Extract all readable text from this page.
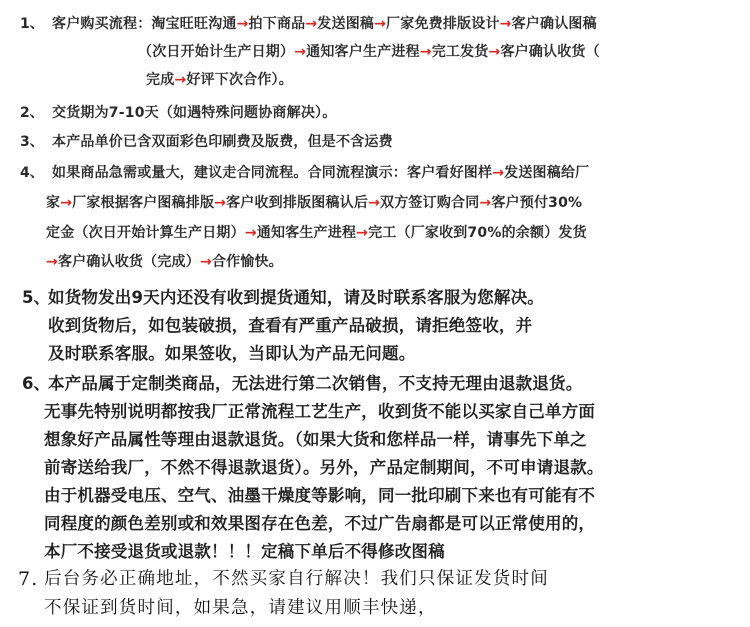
1、 客户购买流程：淘宝旺旺沟通→拍下商品→发送图稿→厂家免费排版设计→客户确认图稿
（次日开始计生产日期）→通知客户生产进程→完工发货→客户确认收货（
完成→好评下次合作）。
2、 交货期为7-10天（如遇特殊问题协商解决）。
3、 本产品单价已含双面彩色印刷费及版费，但是不含运费
4、 如果商品急需或量大，建议走合同流程。合同流程演示：客户看好图样→发送图稿给厂
家→厂家根据客户图稿排版→客户收到排版图稿认后→双方签订购合同→客户预付30%
定金（次日开始计算生产日期）→通知客生产进程→完工（厂家收到70%的余额）发货
→客户确认收货（完成）→合作愉快。
5、
如货物发出9天内还没有收到提货通知，请及时联系客服为您解决。
收到货物后，如包装破损，查看有严重产品破损，请拒绝签收，并
及时联系客服。如果签收，当即认为产品无问题。
6、
本产品属于定制类商品，无法进行第二次销售，不支持无理由退款退货。
无事先特别说明都按我厂正常流程工艺生产，收到货不能以买家自己单方面
想象好产品属性等理由退款退货。（如果大货和您样品一样，请事先下单之
前寄送给我厂，不然不得退款退货）。另外，产品定制期间，不可申请退款。
由于机器受电压、空气、油墨干燥度等影响，同一批印刷下来也有可能有不
同程度的颜色差别或和效果图存在色差，不过广告扇都是可以正常使用的，
本厂不接受退货或退款！！！定稿下单后不得修改图稿
7. 后台务必正确地址，不然买家自行解决！我们只保证发货时间
不保证到货时间，如果急，请建议用顺丰快递，
